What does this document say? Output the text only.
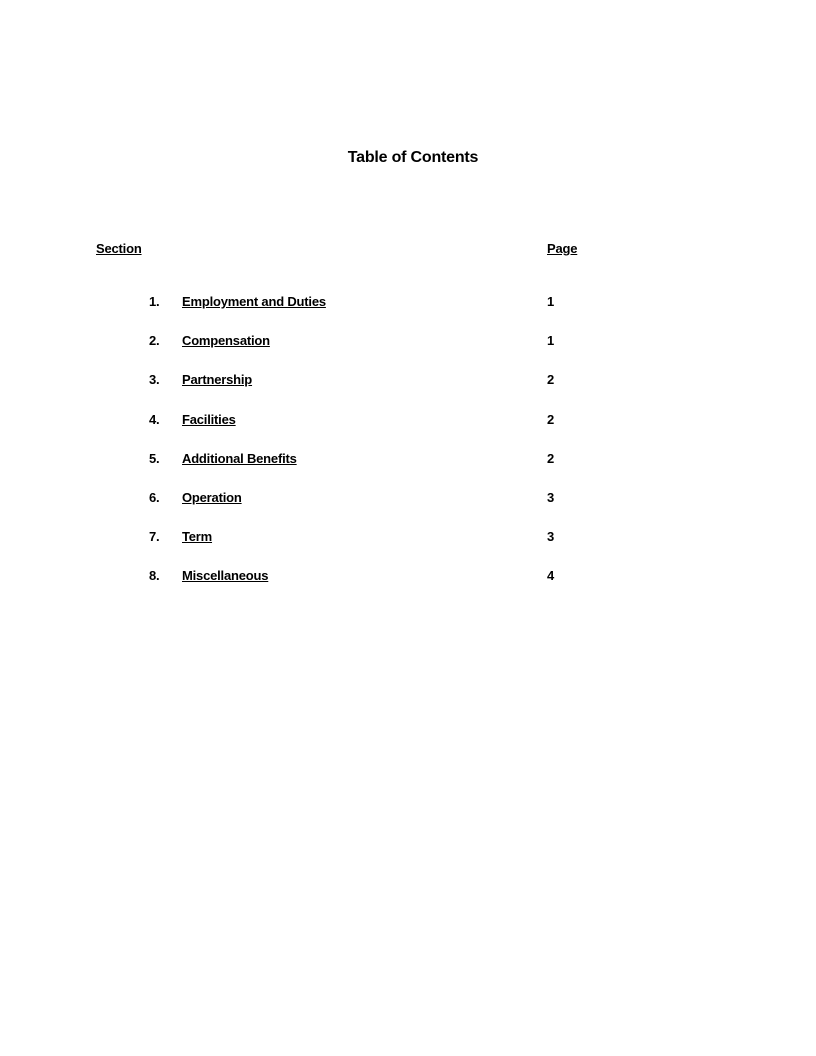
Table of Contents
Section	Page
1. Employment and Duties	1
2. Compensation	1
3. Partnership	2
4. Facilities	2
5. Additional Benefits	2
6. Operation	3
7. Term	3
8. Miscellaneous	4
